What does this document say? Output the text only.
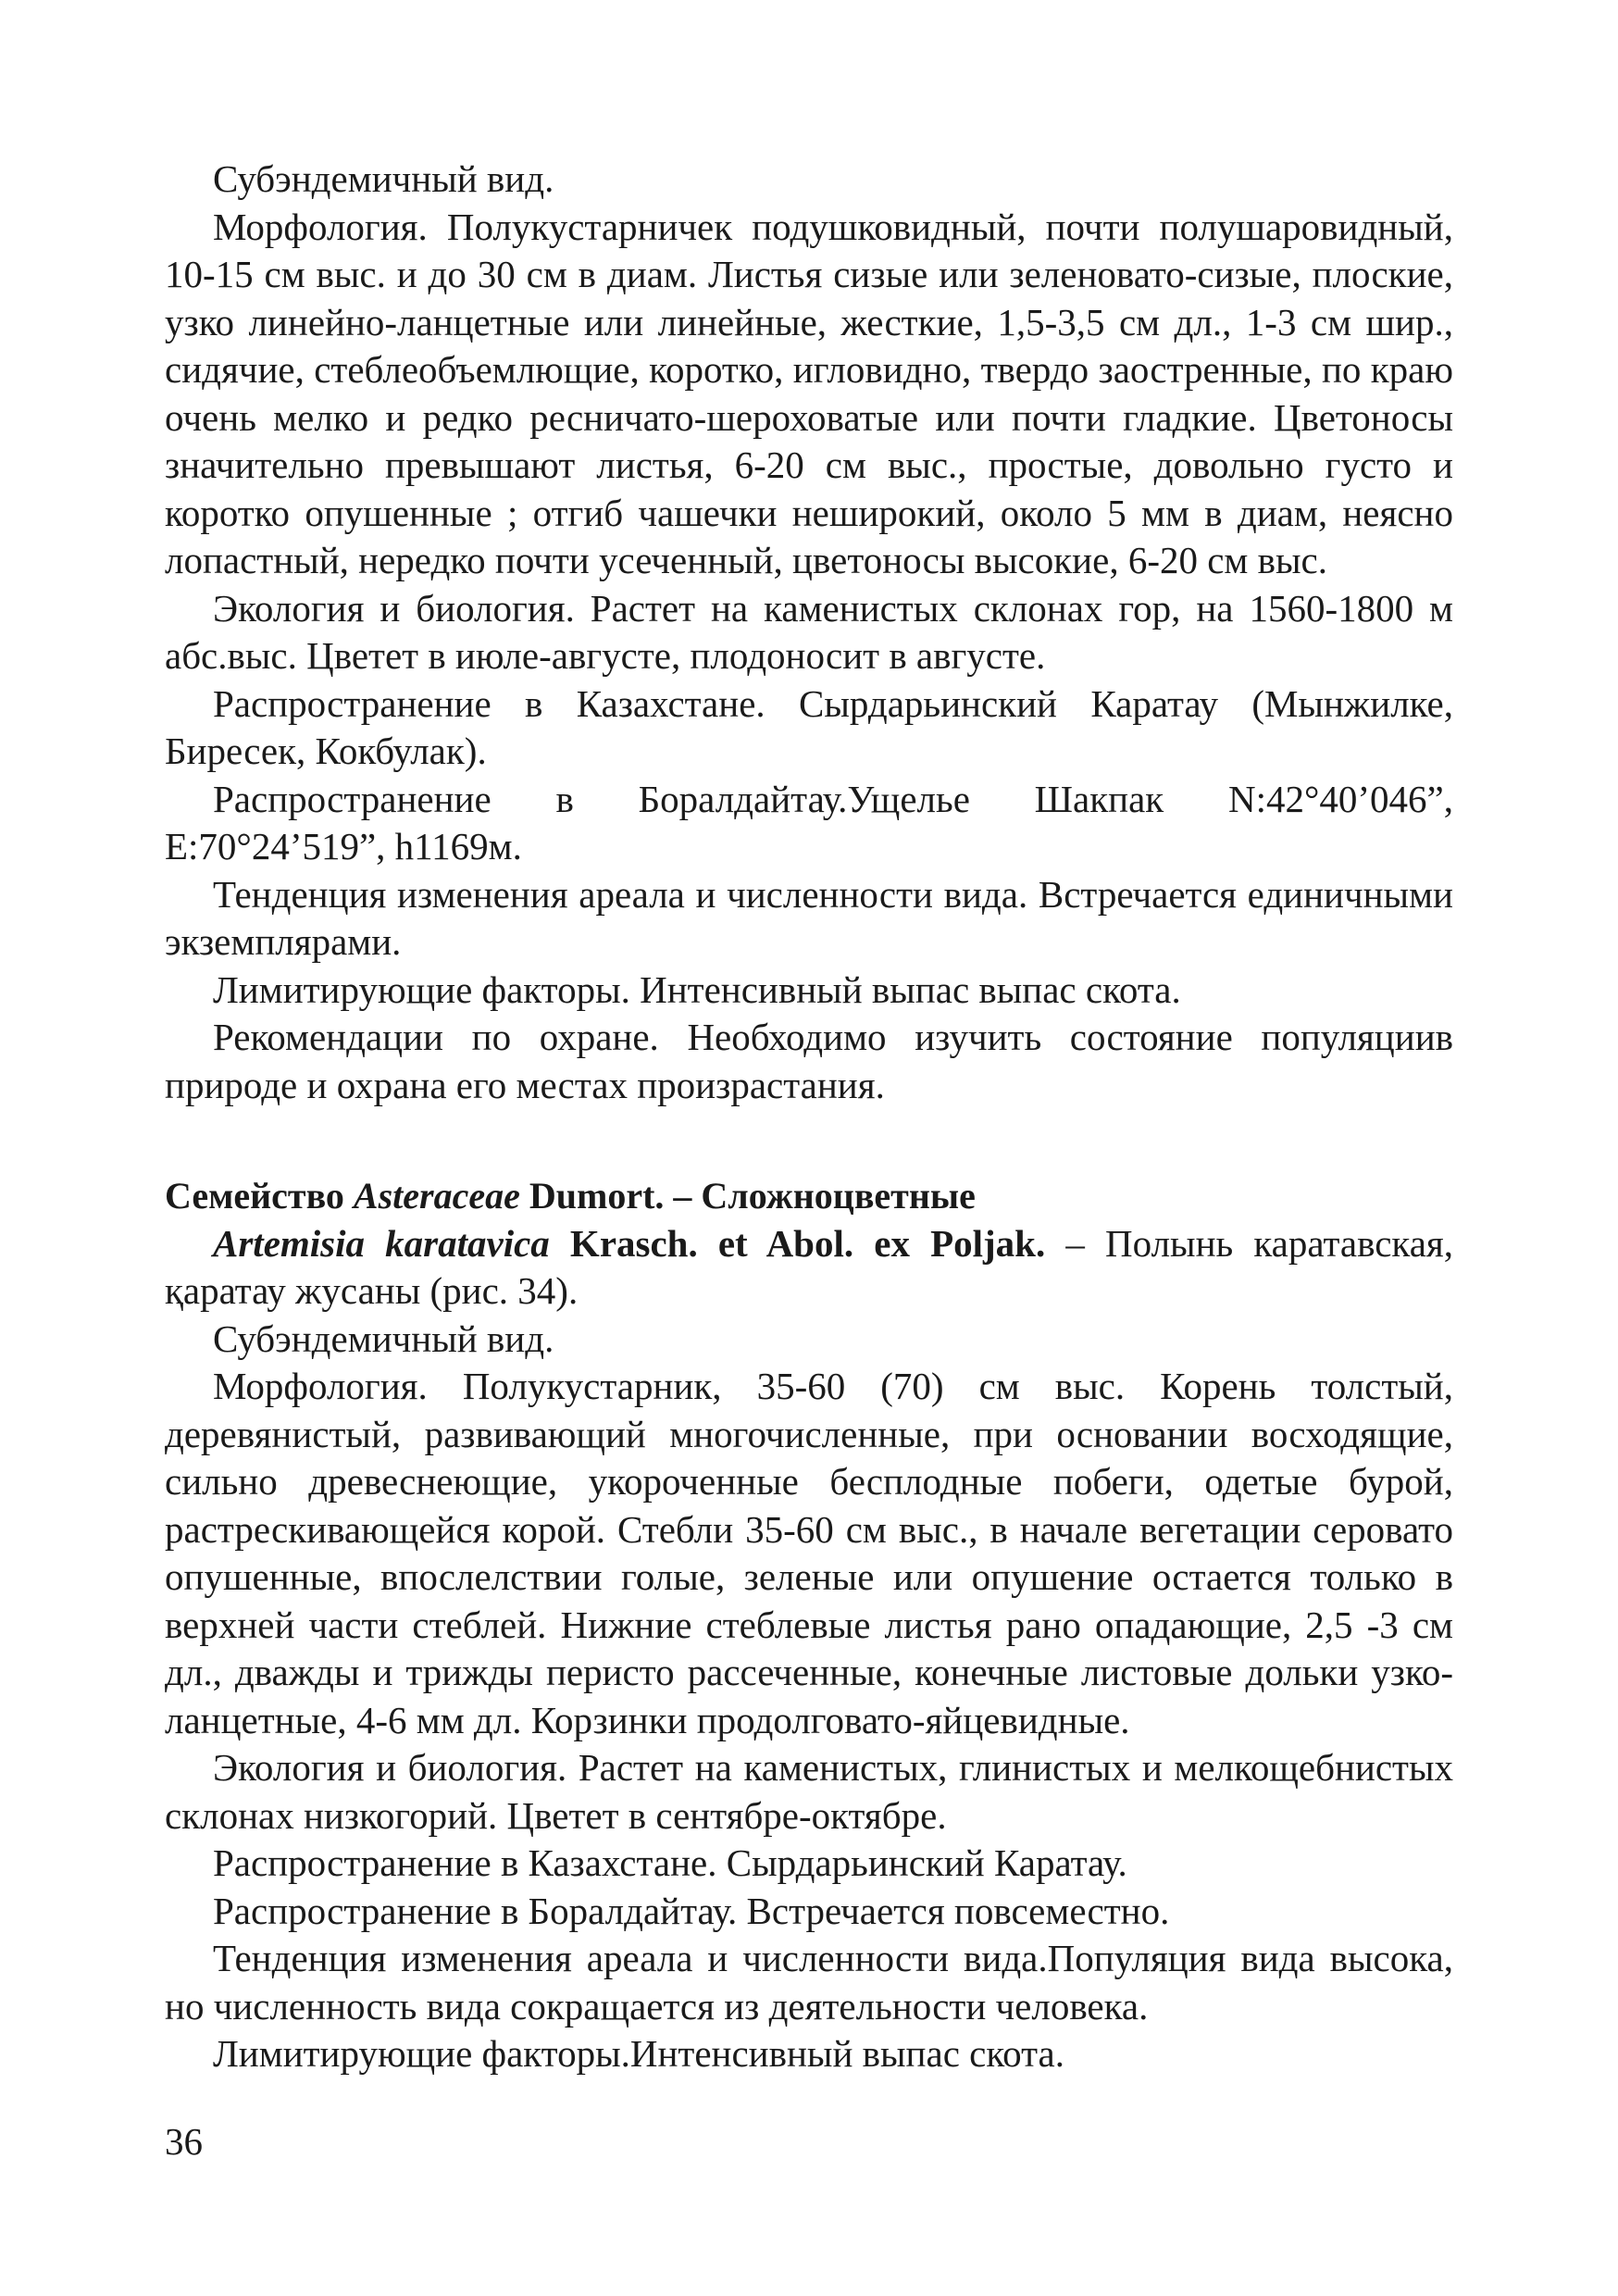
Субэндемичный вид.

Морфология. Полукустарничек подушковидный, почти полушаровидный, 10-15 см выс. и до 30 см в диам. Листья сизые или зеленовато-сизые, плоские, узко линейно-ланцетные или линейные, жесткие, 1,5-3,5 см дл., 1-3 см шир., сидячие, стеблеобъемлющие, коротко, игловидно, твердо заостренные, по краю очень мелко и редко ресничато-шероховатые или почти гладкие. Цветоносы значительно превышают листья, 6-20 см выс., простые, довольно густо и коротко опушенные ; отгиб чашечки неширокий, около 5 мм в диам, неясно лопастный, нередко почти усеченный, цветоносы высокие, 6-20 см выс.

Экология и биология. Растет на каменистых склонах гор, на 1560-1800 м абс.выс. Цветет в июле-августе, плодоносит в августе.

Распространение в Казахстане. Сырдарьинский Каратау (Мынжилке, Биресек, Кокбулак).

Распространение в Боралдайтау.Ущелье Шакпак N:42°40’046”, E:70°24’519”, h1169м.

Тенденция изменения ареала и численности вида. Встречается единичными экземплярами.

Лимитирующие факторы. Интенсивный выпас выпас скота.

Рекомендации по охране. Необходимо изучить состояние популяциив природе и охрана его местах произрастания.

Семейство Asteraceae Dumort. – Сложноцветные

Artemisia karatavica Krasch. et Abol. ex Poljak. – Полынь каратавская, қаратау жусаны (рис. 34).

Субэндемичный вид.

Морфология. Полукустарник, 35-60 (70) см выс. Корень толстый, деревянистый, развивающий многочисленные, при основании восходящие, сильно древеснеющие, укороченные бесплодные побеги, одетые бурой, растрескивающейся корой. Стебли 35-60 см выс., в начале вегетации серовато опушенные, впослелствии голые, зеленые или опушение остается только в верхней части стеблей. Нижние стеблевые листья рано опадающие, 2,5 -3 см дл., дважды и трижды перисто рассеченные, конечные листовые дольки узко-ланцетные, 4-6 мм дл. Корзинки продолговато-яйцевидные.

Экология и биология. Растет на каменистых, глинистых и мелкощебнистых склонах низкогорий. Цветет в сентябре-октябре.

Распространение в Казахстане. Сырдарьинский Каратау.

Распространение в Боралдайтау. Встречается повсеместно.

Тенденция изменения ареала и численности вида.Популяция вида высока, но численность вида сокращается из деятельности человека.

Лимитирующие факторы.Интенсивный выпас скота.

36
